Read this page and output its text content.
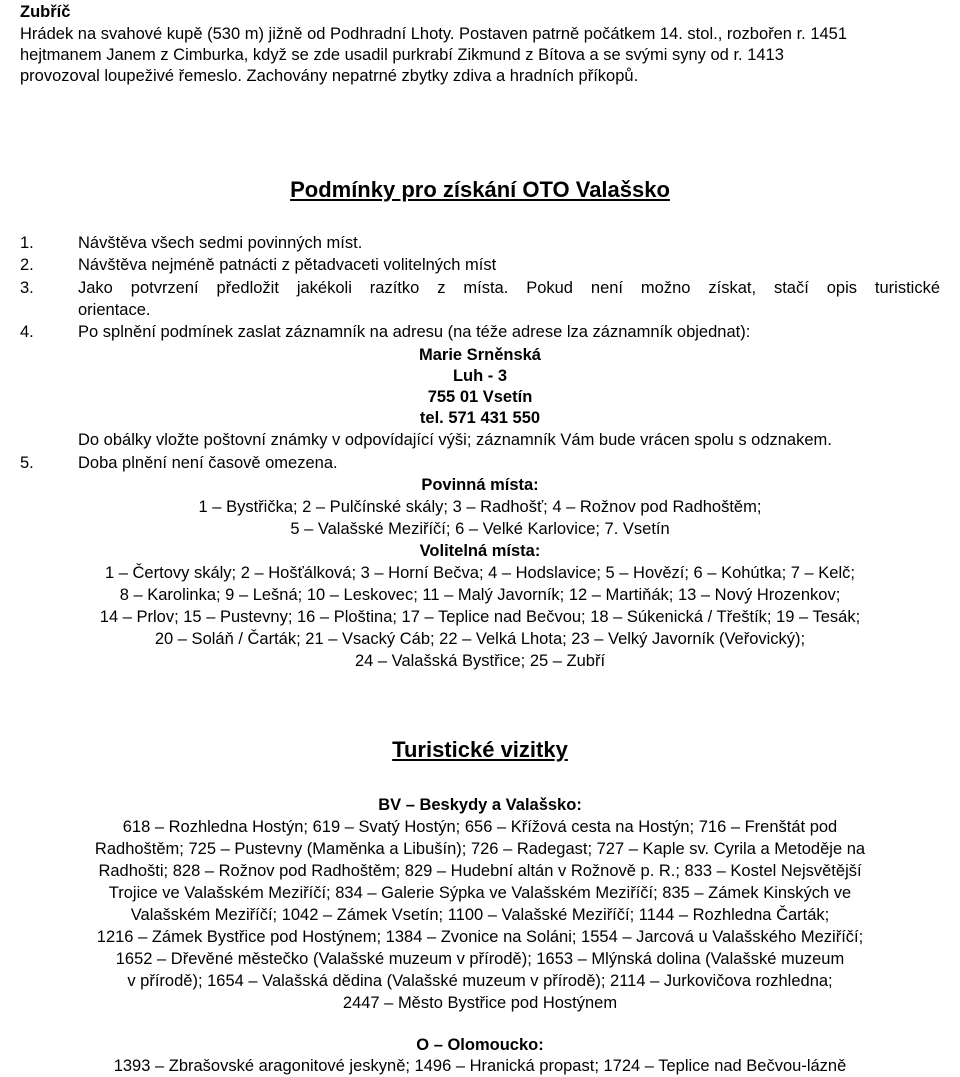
Zubříč
Hrádek na svahové kupě (530 m) jižně od Podhradní Lhoty. Postaven patrně počátkem 14. stol., rozbořen r. 1451
hejtmanem Janem z Cimburka, když se zde usadil purkrabí Zikmund z Bítova a se svými syny od r. 1413
provozoval loupeživé řemeslo. Zachovány nepatrné zbytky zdiva a hradních příkopů.
Podmínky pro získání OTO Valašsko
1.	Návštěva všech sedmi povinných míst.
2.	Návštěva nejméně patnácti z pětadvaceti volitelných míst
3.	Jako potvrzení předložit jakékoli razítko z místa. Pokud není možno získat, stačí opis turistické
orientace.
4.	Po splnění podmínek zaslat záznamník na adresu (na téže adrese lza záznamník objednat):
Marie Srněnská
Luh - 3
755 01 Vsetín
tel. 571 431 550
Do obálky vložte poštovní známky v odpovídající výši; záznamník Vám bude vrácen spolu s odznakem.
5.	Doba plnění není časově omezena.
Povinná místa:
1 – Bystřička; 2 – Pulčínské skály; 3 – Radhošť; 4 – Rožnov pod Radhoštěm;
5 – Valašské Meziříčí; 6 – Velké Karlovice; 7. Vsetín
Volitelná místa:
1 – Čertovy skály; 2 – Hošťálková; 3 – Horní Bečva; 4 – Hodslavice; 5 – Hovězí; 6 – Kohútka; 7 – Kelč;
8 – Karolinka; 9 – Lešná; 10 – Leskovec; 11 – Malý Javorník; 12 – Martiňák; 13 – Nový Hrozenkov;
14 – Prlov; 15 – Pustevny; 16 – Ploština; 17 – Teplice nad Bečvou; 18 – Súkenická / Třeštík; 19 – Tesák;
20 – Soláň / Čarták; 21 – Vsacký Cáb; 22 – Velká Lhota; 23 – Velký Javorník (Veřovický);
24 – Valašská Bystřice; 25 – Zubří
Turistické vizitky
BV – Beskydy a Valašsko:
618 – Rozhledna Hostýn; 619 – Svatý Hostýn; 656 – Křížová cesta na Hostýn; 716 – Frenštát pod
Radhoštěm; 725 – Pustevny (Maměnka a Libušín); 726 – Radegast; 727 – Kaple sv. Cyrila a Metoděje na
Radhošti; 828 – Rožnov pod Radhoštěm; 829 – Hudební altán v Rožnově p. R.; 833 – Kostel Nejsvětější
Trojice ve Valašském Meziříčí; 834 – Galerie Sýpka ve Valašském Meziříčí; 835 – Zámek Kinských ve
Valašském Meziříčí; 1042 – Zámek Vsetín; 1100 – Valašské Meziříčí; 1144 – Rozhledna Čarták;
1216 – Zámek Bystřice pod Hostýnem; 1384 – Zvonice na Soláni; 1554 – Jarcová u Valašského Meziříčí;
1652 – Dřevěné městečko (Valašské muzeum v přírodě); 1653 – Mlýnská dolina (Valašské muzeum
v přírodě); 1654 – Valašská dědina (Valašské muzeum v přírodě); 2114 – Jurkovičova rozhledna;
2447 – Město Bystřice pod Hostýnem
O – Olomoucko:
1393 – Zbrašovské aragonitové jeskyně; 1496 – Hranická propast; 1724 – Teplice nad Bečvou-lázně
